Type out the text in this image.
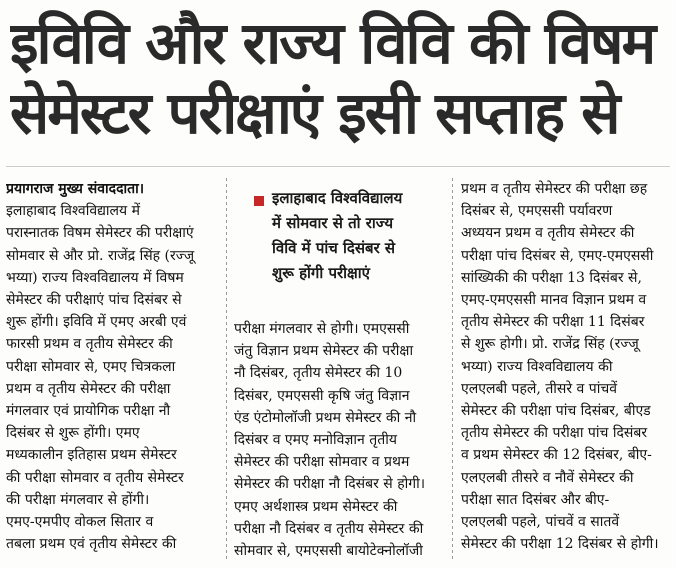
इविवि और राज्य विवि की विषम
सेमेस्टर परीक्षाएं इसी सप्ताह से
प्रयागराज मुख्य संवाददाता।
इलाहाबाद विश्वविद्यालय में
परास्नातक विषम सेमेस्टर की परीक्षाएं
सोमवार से और प्रो. राजेंद्र सिंह (रज्जू
भय्या) राज्य विश्वविद्यालय में विषम
सेमेस्टर की परीक्षाएं पांच दिसंबर से
शुरू होंगी। इविवि में एमए अरबी एवं
फारसी प्रथम व तृतीय सेमेस्टर की
परीक्षा सोमवार से, एमए चित्रकला
प्रथम व तृतीय सेमेस्टर की परीक्षा
मंगलवार एवं प्रायोगिक परीक्षा नौ
दिसंबर से शुरू होंगी। एमए
मध्यकालीन इतिहास प्रथम सेमेस्टर
की परीक्षा सोमवार व तृतीय सेमेस्टर
की परीक्षा मंगलवार से होंगी।
एमए-एमपीए वोकल सितार व
तबला प्रथम एवं तृतीय सेमेस्टर की
इलाहाबाद विश्वविद्यालय
में सोमवार से तो राज्य
विवि में पांच दिसंबर से
शुरू होंगी परीक्षाएं
परीक्षा मंगलवार से होगी। एमएससी
जंतु विज्ञान प्रथम सेमेस्टर की परीक्षा
नौ दिसंबर, तृतीय सेमेस्टर की 10
दिसंबर, एमएससी कृषि जंतु विज्ञान
एंड एंटोमोलॉजी प्रथम सेमेस्टर की नौ
दिसंबर व एमए मनोविज्ञान तृतीय
सेमेस्टर की परीक्षा सोमवार व प्रथम
सेमेस्टर की परीक्षा नौ दिसंबर से होगी।
एमए अर्थशास्त्र प्रथम सेमेस्टर की
परीक्षा नौ दिसंबर व तृतीय सेमेस्टर की
सोमवार से, एमएससी बायोटेक्नोलॉजी
प्रथम व तृतीय सेमेस्टर की परीक्षा छह
दिसंबर से, एमएससी पर्यावरण
अध्ययन प्रथम व तृतीय सेमेस्टर की
परीक्षा पांच दिसंबर से, एमए-एमएससी
सांख्यिकी की परीक्षा 13 दिसंबर से,
एमए-एमएससी मानव विज्ञान प्रथम व
तृतीय सेमेस्टर की परीक्षा 11 दिसंबर
से शुरू होगी। प्रो. राजेंद्र सिंह (रज्जू
भय्या) राज्य विश्वविद्यालय की
एलएलबी पहले, तीसरे व पांचवें
सेमेस्टर की परीक्षा पांच दिसंबर, बीएड
तृतीय सेमेस्टर की परीक्षा पांच दिसंबर
व प्रथम सेमेस्टर की 12 दिसंबर, बीए-
एलएलबी तीसरे व नौवें सेमेस्टर की
परीक्षा सात दिसंबर और बीए-
एलएलबी पहले, पांचवें व सातवें
सेमेस्टर की परीक्षा 12 दिसंबर से होगी।
